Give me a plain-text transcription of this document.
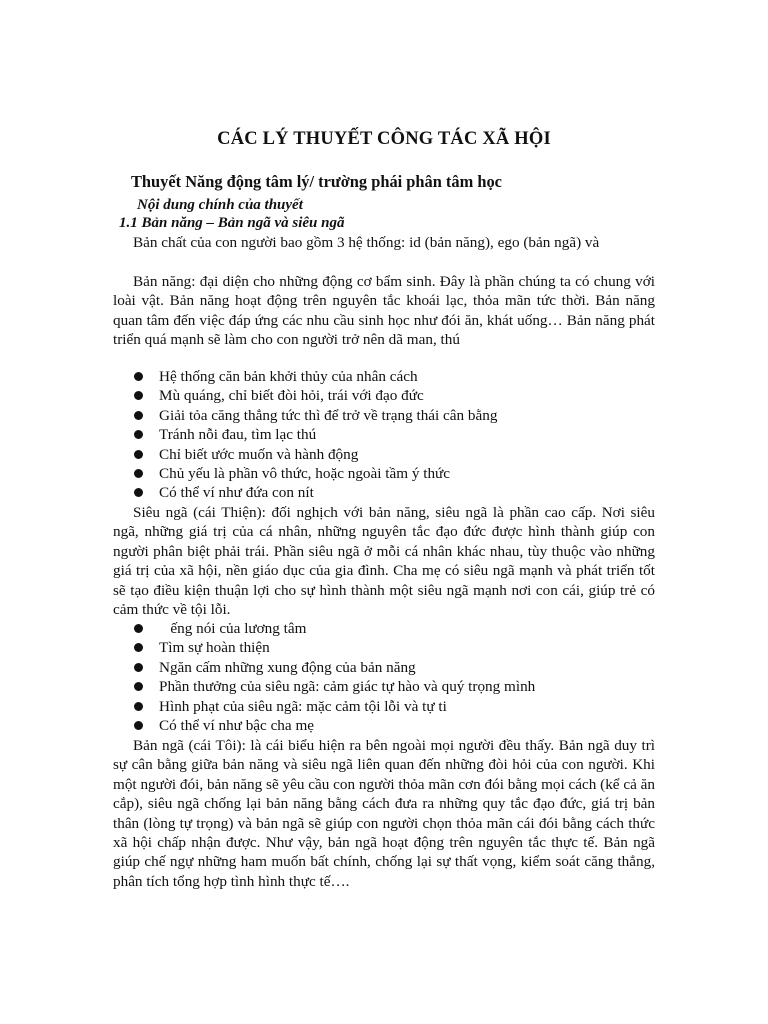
CÁC LÝ THUYẾT CÔNG TÁC XÃ HỘI
Thuyết Năng động tâm lý/ trường phái phân tâm học
Nội dung chính của thuyết
1.1 Bản năng – Bản ngã và siêu ngã

Bản chất của con người bao gồm 3 hệ thống: id (bản năng), ego (bản ngã) và

Bản năng: đại diện cho những động cơ bẩm sinh. Đây là phần chúng ta có chung với loài vật. Bản năng hoạt động trên nguyên tắc khoái lạc, thỏa mãn tức thời. Bản năng quan tâm đến việc đáp ứng các nhu cầu sinh học như đói ăn, khát uống… Bản năng phát triển quá mạnh sẽ làm cho con người trở nên dã man, thú

Hệ thống căn bản khởi thủy của nhân cách
Mù quáng, chỉ biết đòi hỏi, trái với đạo đức
Giải tỏa căng thẳng tức thì để trở về trạng thái cân bằng
Tránh nỗi đau, tìm lạc thú
Chỉ biết ước muốn và hành động
Chủ yếu là phần vô thức, hoặc ngoài tầm ý thức
Có thể ví như đứa con nít

Siêu ngã (cái Thiện): đối nghịch với bản năng, siêu ngã là phần cao cấp. Nơi siêu ngã, những giá trị của cá nhân, những nguyên tắc đạo đức được hình thành giúp con người phân biệt phải trái. Phần siêu ngã ở mỗi cá nhân khác nhau, tùy thuộc vào những giá trị của xã hội, nền giáo dục của gia đình. Cha mẹ có siêu ngã mạnh và phát triển tốt sẽ tạo điều kiện thuận lợi cho sự hình thành một siêu ngã mạnh nơi con cái, giúp trẻ có cảm thức về tội lỗi.

ếng nói của lương tâm
Tìm sự hoàn thiện
Ngăn cấm những xung động của bản năng
Phần thưởng của siêu ngã: cảm giác tự hào và quý trọng mình
Hình phạt của siêu ngã: mặc cảm tội lỗi và tự ti
Có thể ví như bậc cha mẹ

Bản ngã (cái Tôi): là cái biểu hiện ra bên ngoài mọi người đều thấy. Bản ngã duy trì sự cân bằng giữa bản năng và siêu ngã liên quan đến những đòi hỏi của con người. Khi một người đói, bản năng sẽ yêu cầu con người thỏa mãn cơn đói bằng mọi cách (kể cả ăn cắp), siêu ngã chống lại bản năng bằng cách đưa ra những quy tắc đạo đức, giá trị bản thân (lòng tự trọng) và bản ngã sẽ giúp con người chọn thỏa mãn cái đói bằng cách thức xã hội chấp nhận được. Như vậy, bản ngã hoạt động trên nguyên tắc thực tế. Bản ngã giúp chế ngự những ham muốn bất chính, chống lại sự thất vọng, kiểm soát căng thẳng, phân tích tổng hợp tình hình thực tế….
